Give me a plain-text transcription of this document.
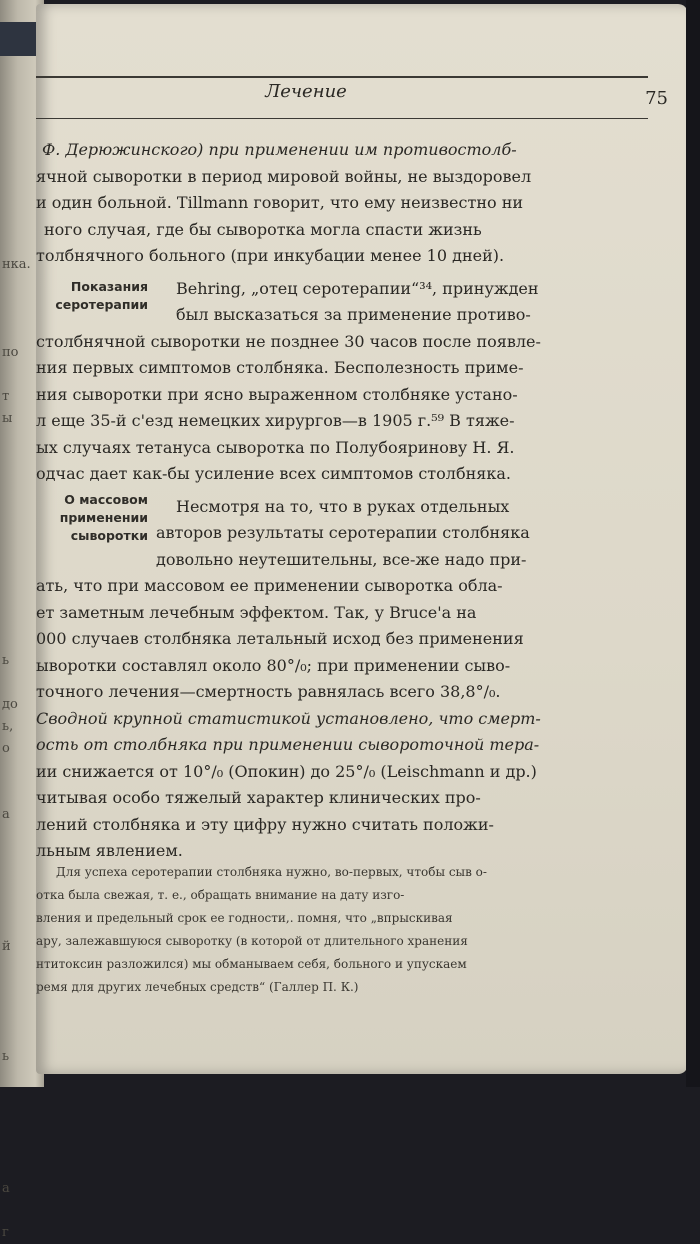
нка.

по

т
ы

ь

до
ь,
о

а

й

ь

а

г
Лечение	75
Показания серотерапии
О массовом применении сыворотки

Ф. Дерюжинского) при применении им противостолб-

ячной сыворотки в период мировой войны, не выздоровел

и один больной. Tillmann говорит, что ему неизвестно ни

ного случая, где бы сыворотка могла спасти жизнь

толбнячного больного (при инкубации менее 10 дней).

Behring, „отец серотерапии“³⁴, принужден

был высказаться за применение противо-

столбнячной сыворотки не позднее 30 часов после появле-

ния первых симптомов столбняка. Бесполезность приме-

ния сыворотки при ясно выраженном столбняке устано-

л еще 35-й с'езд немецких хирургов—в 1905 г.⁵⁹ В тяже-

ых случаях тетануса сыворотка по Полубояринову Н. Я.

одчас дает как-бы усиление всех симптомов столбняка.

Несмотря на то, что в руках отдельных

авторов результаты серотерапии столбняка

довольно неутешительны, все-же надо при-

ать, что при массовом ее применении сыворотка обла-

ет заметным лечебным эффектом. Так, у Bruce'а на

000 случаев столбняка летальный исход без применения

ыворотки составлял около 80°/₀; при применении сыво-

точного лечения—смертность равнялась всего 38,8°/₀.

Сводной крупной статистикой установлено, что смерт-

ость от столбняка при применении сывороточной тера-

ии снижается от 10°/₀ (Опокин) до 25°/₀ (Leischmann и др.)

читывая особо тяжелый характер клинических про-

лений столбняка и эту цифру нужно считать положи-

льным явлением.

Для успеха серотерапии столбняка нужно, во-первых, чтобы сыв о-

отка была свежая, т. е., обращать внимание на дату изго-

вления и предельный срок ее годности,. помня, что „впрыскивая

ару, залежавшуюся сыворотку (в которой от длительного хранения

нтитоксин разложился) мы обманываем себя, больного и упускаем

ремя для других лечебных средств“ (Галлер П. К.)
